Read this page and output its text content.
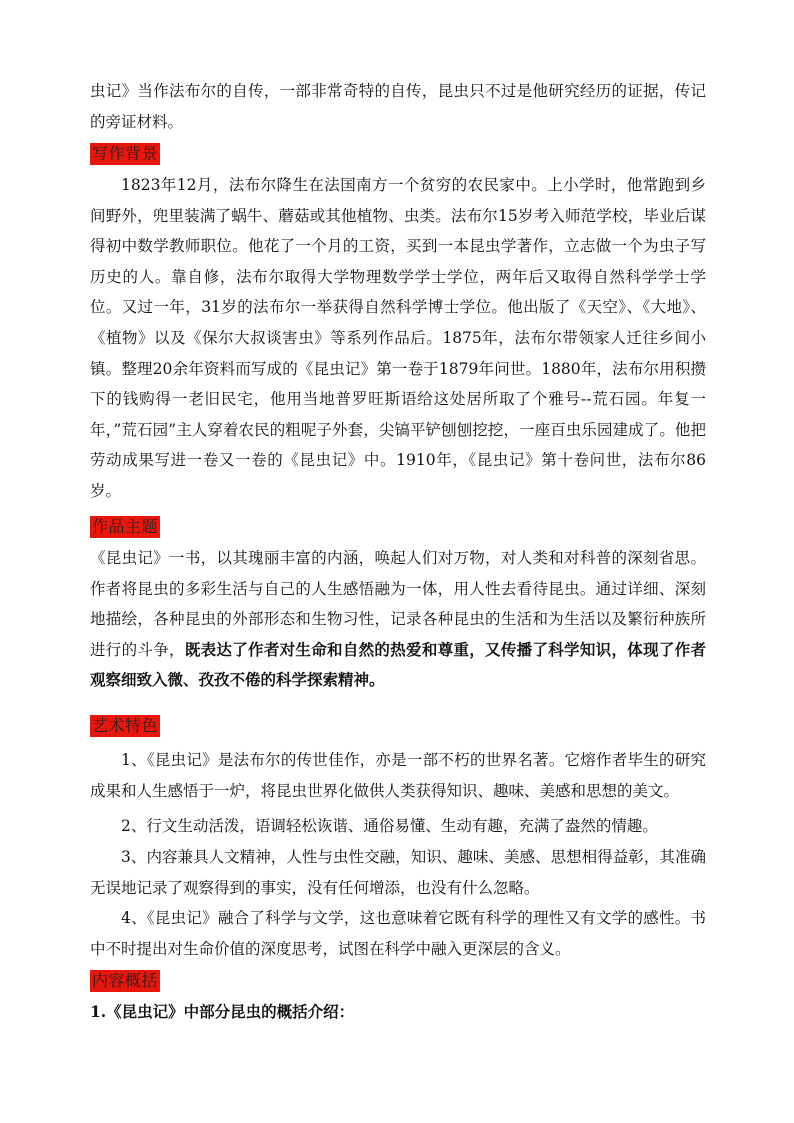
虫记》当作法布尔的自传，一部非常奇特的自传，昆虫只不过是他研究经历的证据，传记的旁证材料。

写作背景

1823年12月，法布尔降生在法国南方一个贫穷的农民家中。上小学时，他常跑到乡间野外，兜里装满了蜗牛、蘑菇或其他植物、虫类。法布尔15岁考入师范学校，毕业后谋得初中数学教师职位。他花了一个月的工资，买到一本昆虫学著作，立志做一个为虫子写历史的人。靠自修，法布尔取得大学物理数学学士学位，两年后又取得自然科学学士学位。又过一年，31岁的法布尔一举获得自然科学博士学位。他出版了《天空》、《大地》、《植物》以及《保尔大叔谈害虫》等系列作品后。1875年，法布尔带领家人迁往乡间小镇。整理20余年资料而写成的《昆虫记》第一卷于1879年问世。1880年，法布尔用积攒下的钱购得一老旧民宅，他用当地普罗旺斯语给这处居所取了个雅号--荒石园。年复一年，”荒石园”主人穿着农民的粗呢子外套，尖镐平铲刨刨挖挖，一座百虫乐园建成了。他把劳动成果写进一卷又一卷的《昆虫记》中。1910年，《昆虫记》第十卷问世，法布尔86岁。

作品主题

《昆虫记》一书，以其瑰丽丰富的内涵，唤起人们对万物，对人类和对科普的深刻省思。作者将昆虫的多彩生活与自己的人生感悟融为一体，用人性去看待昆虫。通过详细、深刻地描绘，各种昆虫的外部形态和生物习性，记录各种昆虫的生活和为生活以及繁衍种族所进行的斗争，既表达了作者对生命和自然的热爱和尊重，又传播了科学知识，体现了作者观察细致入微、孜孜不倦的科学探索精神。

艺术特色

1、《昆虫记》是法布尔的传世佳作，亦是一部不朽的世界名著。它熔作者毕生的研究成果和人生感悟于一炉，将昆虫世界化做供人类获得知识、趣味、美感和思想的美文。

2、行文生动活泼，语调轻松诙谐、通俗易懂、生动有趣，充满了盎然的情趣。

3、内容兼具人文精神，人性与虫性交融，知识、趣味、美感、思想相得益彰，其准确无误地记录了观察得到的事实，没有任何增添，也没有什么忽略。

4、《昆虫记》融合了科学与文学，这也意味着它既有科学的理性又有文学的感性。书中不时提出对生命价值的深度思考，试图在科学中融入更深层的含义。

内容概括

1.《昆虫记》中部分昆虫的概括介绍：
